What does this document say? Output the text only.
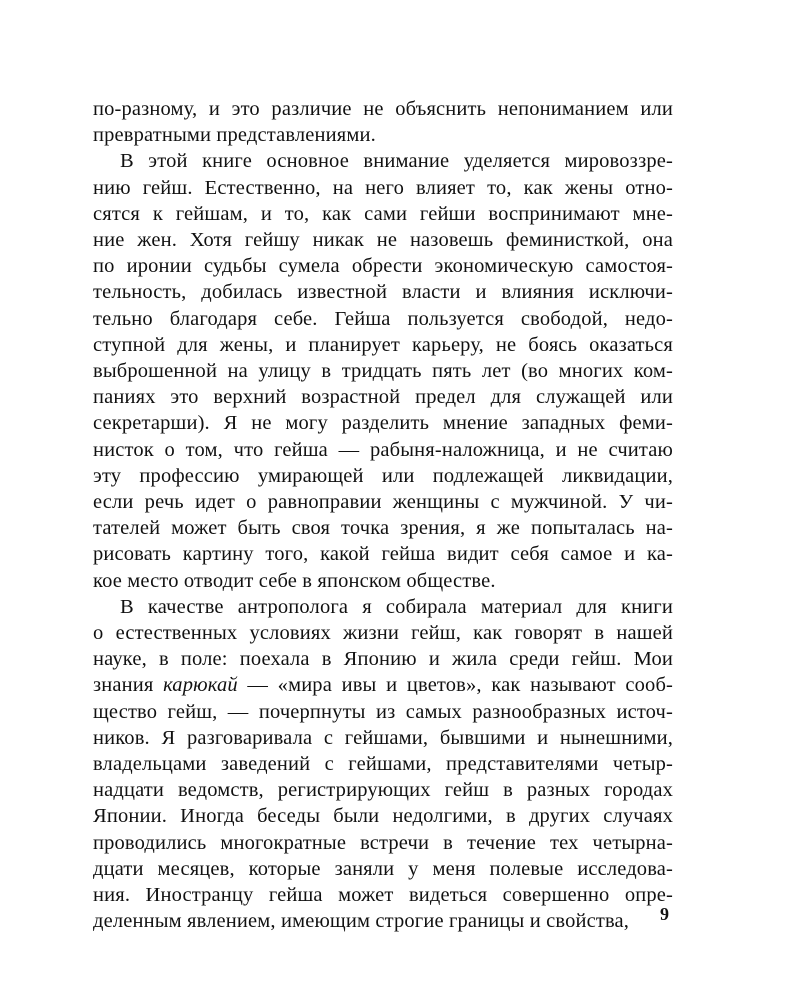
по-разному, и это различие не объяснить непониманием или
превратными представлениями.

В этой книге основное внимание уделяется мировоззре-
нию гейш. Естественно, на него влияет то, как жены отно-
сятся к гейшам, и то, как сами гейши воспринимают мне-
ние жен. Хотя гейшу никак не назовешь феминисткой, она
по иронии судьбы сумела обрести экономическую самостоя-
тельность, добилась известной власти и влияния исключи-
тельно благодаря себе. Гейша пользуется свободой, недо-
ступной для жены, и планирует карьеру, не боясь оказаться
выброшенной на улицу в тридцать пять лет (во многих ком-
паниях это верхний возрастной предел для служащей или
секретарши). Я не могу разделить мнение западных феми-
нисток о том, что гейша — рабыня-наложница, и не считаю
эту профессию умирающей или подлежащей ликвидации,
если речь идет о равноправии женщины с мужчиной. У чи-
тателей может быть своя точка зрения, я же попыталась на-
рисовать картину того, какой гейша видит себя самое и ка-
кое место отводит себе в японском обществе.

В качестве антрополога я собирала материал для книги
о естественных условиях жизни гейш, как говорят в нашей
науке, в поле: поехала в Японию и жила среди гейш. Мои
знания карюкай — «мира ивы и цветов», как называют сооб-
щество гейш, — почерпнуты из самых разнообразных источ-
ников. Я разговаривала с гейшами, бывшими и нынешними,
владельцами заведений с гейшами, представителями четыр-
надцати ведомств, регистрирующих гейш в разных городах
Японии. Иногда беседы были недолгими, в других случаях
проводились многократные встречи в течение тех четырна-
дцати месяцев, которые заняли у меня полевые исследова-
ния. Иностранцу гейша может видеться совершенно опре-
деленным явлением, имеющим строгие границы и свойства,	9
